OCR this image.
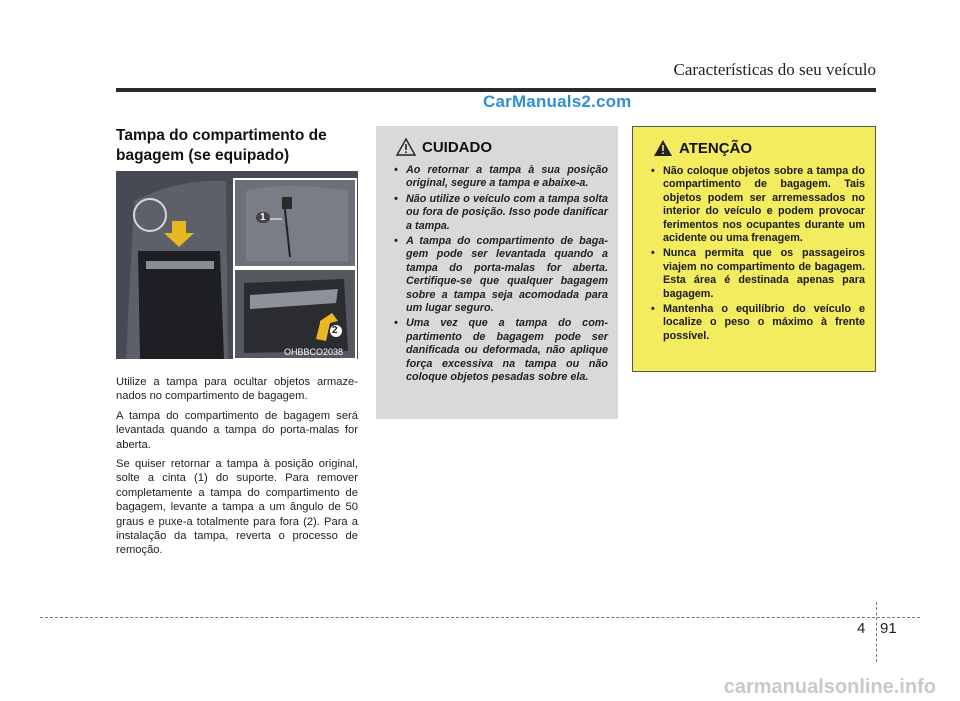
Características do seu veículo
CarManuals2.com
Tampa do compartimento de bagagem (se equipado)
1
2
OHBBCO2038

Utilize a tampa para ocultar objetos armazenados no compartimento de bagagem.

A tampa do compartimento de bagagem será levantada quando a tampa do porta-malas for aberta.

Se quiser retornar a tampa à posição original, solte a cinta (1) do suporte. Para remover completamente a tampa do compartimento de bagagem, levante a tampa a um ângulo de 50 graus e puxe-a totalmente para fora (2). Para a instalação da tampa, reverta o processo de remoção.

CUIDADO
• Ao retornar a tampa à sua posição original, segure a tampa e abaixe-a.
• Não utilize o veículo com a tampa solta ou fora de posição. Isso pode danificar a tampa.
• A tampa do compartimento de bagagem pode ser levantada quando a tampa do porta-malas for aberta. Certifique-se que qualquer bagagem sobre a tampa seja acomodada para um lugar seguro.
• Uma vez que a tampa do compartimento de bagagem pode ser danificada ou deformada, não aplique força excessiva na tampa ou não coloque objetos pesadas sobre ela.
ATENÇÃO
• Não coloque objetos sobre a tampa do compartimento de bagagem. Tais objetos podem ser arremessados no interior do veículo e podem provocar ferimentos nos ocupantes durante um acidente ou uma frenagem.
• Nunca permita que os passageiros viajem no compartimento de bagagem. Esta área é destinada apenas para bagagem.
• Mantenha o equilíbrio do veículo e localize o peso o máximo à frente possível.
4 91
carmanualsonline.info
